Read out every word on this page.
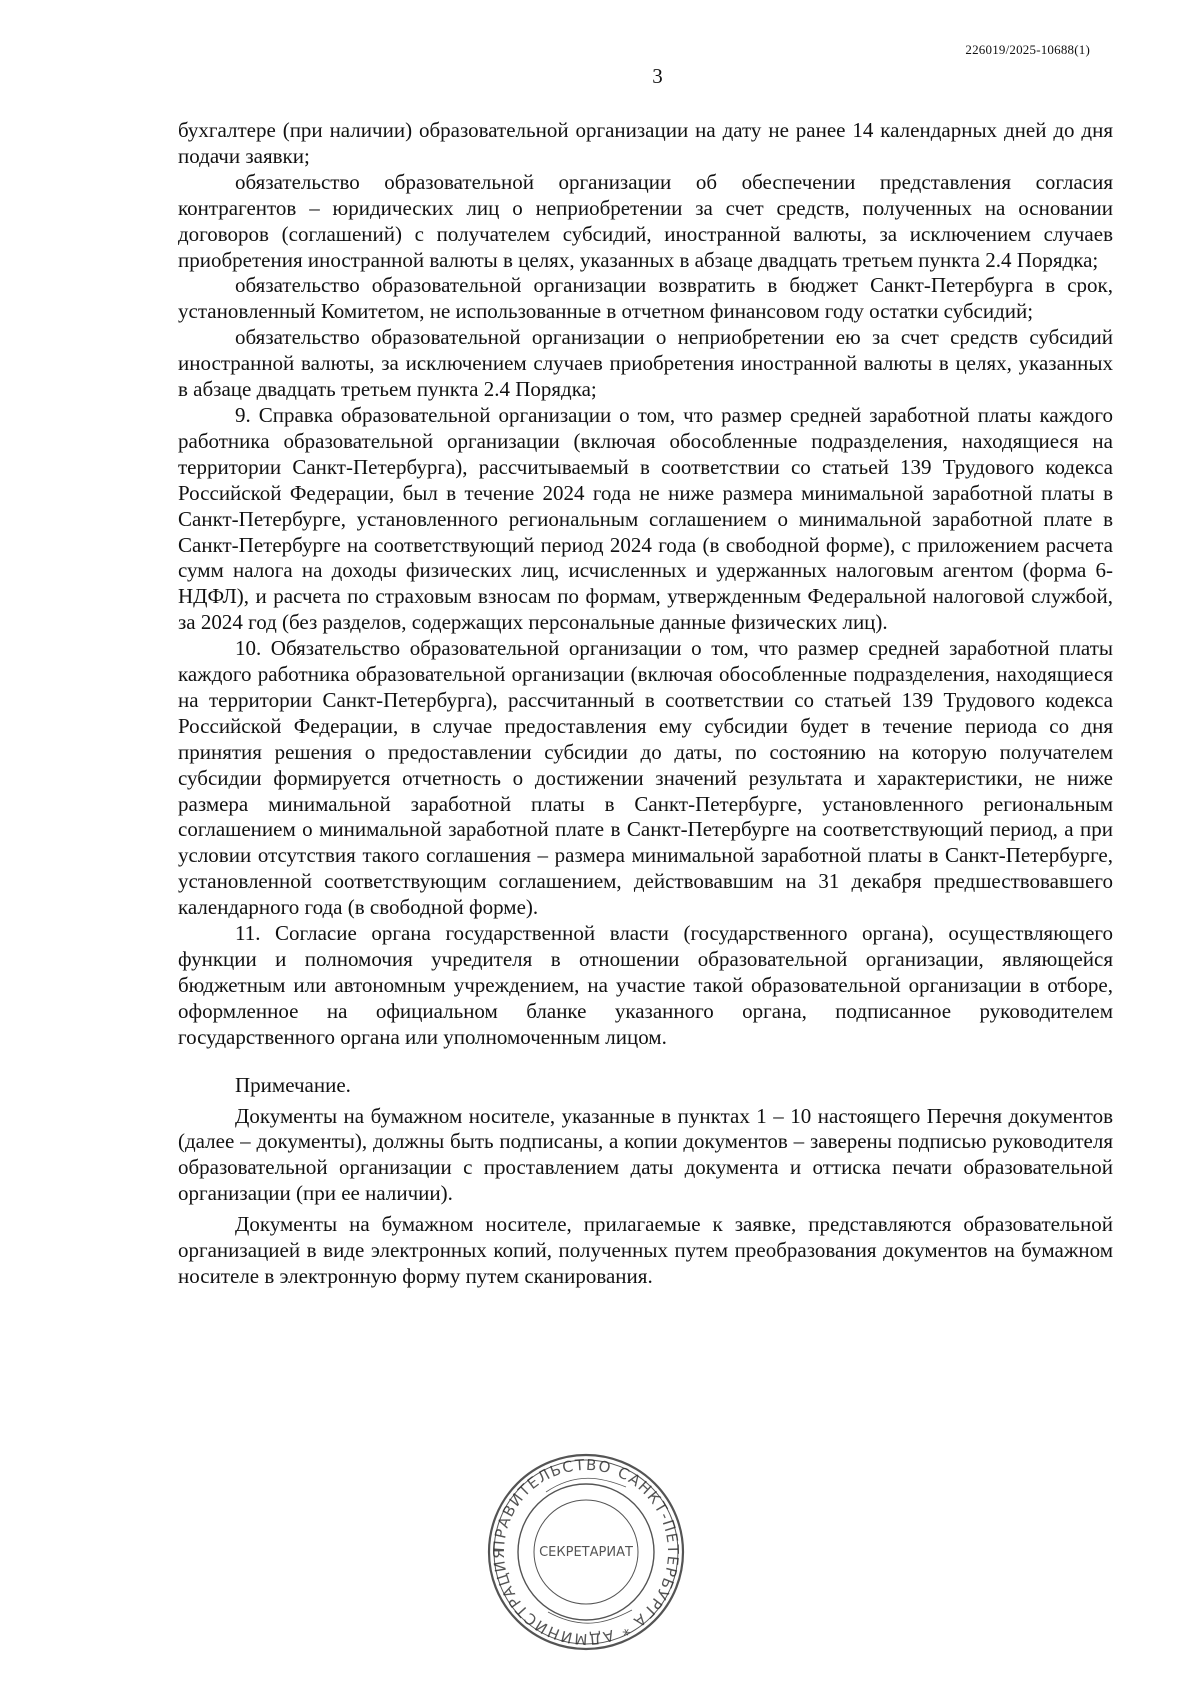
226019/2025-10688(1)
3

бухгалтере (при наличии) образовательной организации на дату не ранее 14 календарных дней до дня подачи заявки;

обязательство образовательной организации об обеспечении представления согласия контрагентов – юридических лиц о неприобретении за счет средств, полученных на основании договоров (соглашений) с получателем субсидий, иностранной валюты, за исключением случаев приобретения иностранной валюты в целях, указанных в абзаце двадцать третьем пункта 2.4 Порядка;

обязательство образовательной организации возвратить в бюджет Санкт-Петербурга в срок, установленный Комитетом, не использованные в отчетном финансовом году остатки субсидий;

обязательство образовательной организации о неприобретении ею за счет средств субсидий иностранной валюты, за исключением случаев приобретения иностранной валюты в целях, указанных в абзаце двадцать третьем пункта 2.4 Порядка;

9. Справка образовательной организации о том, что размер средней заработной платы каждого работника образовательной организации (включая обособленные подразделения, находящиеся на территории Санкт-Петербурга), рассчитываемый в соответствии со статьей 139 Трудового кодекса Российской Федерации, был в течение 2024 года не ниже размера минимальной заработной платы в Санкт-Петербурге, установленного региональным соглашением о минимальной заработной плате в Санкт-Петербурге на соответствующий период 2024 года (в свободной форме), с приложением расчета сумм налога на доходы физических лиц, исчисленных и удержанных налоговым агентом (форма 6-НДФЛ), и расчета по страховым взносам по формам, утвержденным Федеральной налоговой службой, за 2024 год (без разделов, содержащих персональные данные физических лиц).

10. Обязательство образовательной организации о том, что размер средней заработной платы каждого работника образовательной организации (включая обособленные подразделения, находящиеся на территории Санкт-Петербурга), рассчитанный в соответствии со статьей 139 Трудового кодекса Российской Федерации, в случае предоставления ему субсидии будет в течение периода со дня принятия решения о предоставлении субсидии до даты, по состоянию на которую получателем субсидии формируется отчетность о достижении значений результата и характеристики, не ниже размера минимальной заработной платы в Санкт-Петербурге, установленного региональным соглашением о минимальной заработной плате в Санкт-Петербурге на соответствующий период, а при условии отсутствия такого соглашения – размера минимальной заработной платы в Санкт-Петербурге, установленной соответствующим соглашением, действовавшим на 31 декабря предшествовавшего календарного года (в свободной форме).

11. Согласие органа государственной власти (государственного органа), осуществляющего функции и полномочия учредителя в отношении образовательной организации, являющейся бюджетным или автономным учреждением, на участие такой образовательной организации в отборе, оформленное на официальном бланке указанного органа, подписанное руководителем государственного органа или уполномоченным лицом.

Примечание.

Документы на бумажном носителе, указанные в пунктах 1 – 10 настоящего Перечня документов (далее – документы), должны быть подписаны, а копии документов – заверены подписью руководителя образовательной организации с проставлением даты документа и оттиска печати образовательной организации (при ее наличии).

Документы на бумажном носителе, прилагаемые к заявке, представляются образовательной организацией в виде электронных копий, полученных путем преобразования документов на бумажном носителе в электронную форму путем сканирования.

ПРАВИТЕЛЬСТВО САНКТ-ПЕТЕРБУРГА * АДМИНИСТРАЦИЯ ГУБЕРНАТОРА САНКТ-ПЕТЕРБУРГА *
СЕКРЕТАРИАТ
